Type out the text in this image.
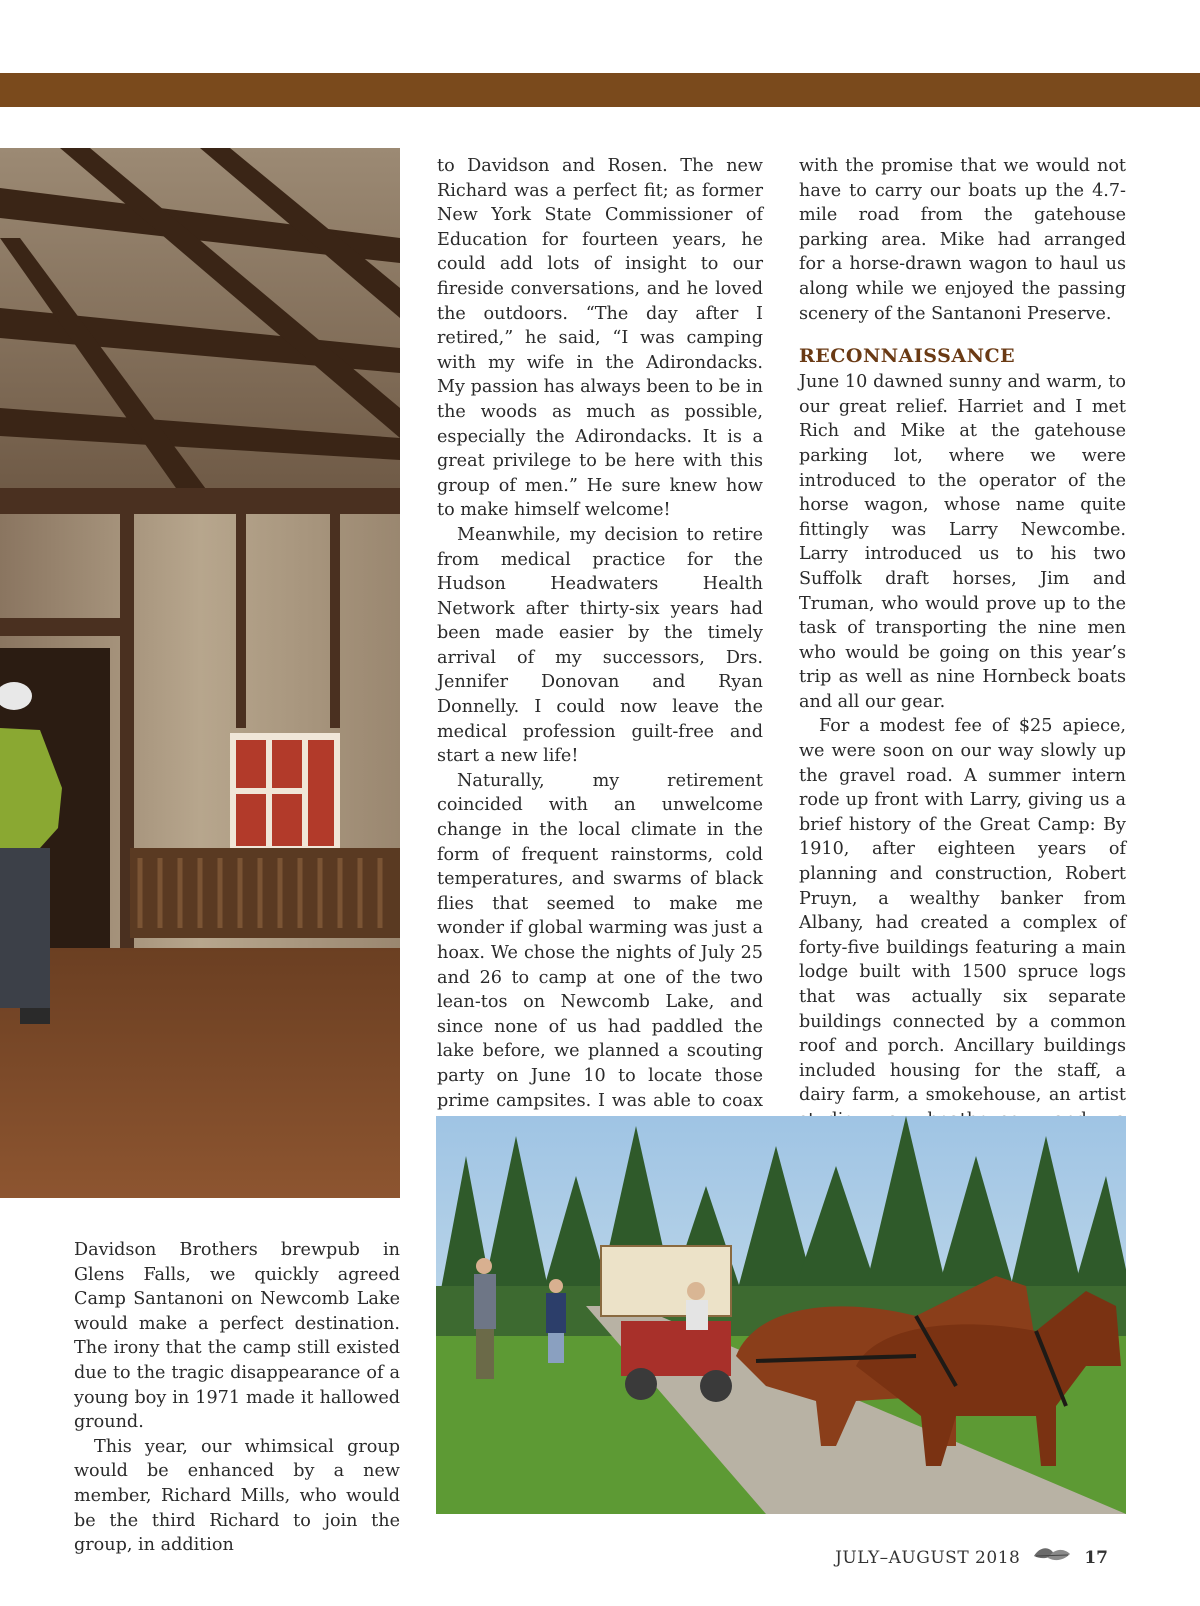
to Davidson and Rosen. The new Richard was a perfect fit; as former New York State Commissioner of Education for fourteen years, he could add lots of insight to our fireside conversations, and he loved the outdoors. “The day after I retired,” he said, “I was camping with my wife in the Adirondacks. My passion has always been to be in the woods as much as possible, especially the Adirondacks. It is a great privilege to be here with this group of men.” He sure knew how to make himself welcome!

Meanwhile, my decision to retire from medical practice for the Hudson Headwaters Health Network after thirty-six years had been made easier by the timely arrival of my successors, Drs. Jennifer Donovan and Ryan Donnelly. I could now leave the medical profession guilt-free and start a new life!

Naturally, my retirement coincided with an unwelcome change in the local climate in the form of frequent rainstorms, cold temperatures, and swarms of black flies that seemed to make me wonder if global warming was just a hoax. We chose the nights of July 25 and 26 to camp at one of the two lean-tos on Newcomb Lake, and since none of us had paddled the lake before, we planned a scouting party on June 10 to locate those prime campsites. I was able to coax

with the promise that we would not have to carry our boats up the 4.7-mile road from the gatehouse parking area. Mike had arranged for a horse-drawn wagon to haul us along while we enjoyed the passing scenery of the Santanoni Preserve.

RECONNAISSANCE

June 10 dawned sunny and warm, to our great relief. Harriet and I met Rich and Mike at the gatehouse parking lot, where we were introduced to the operator of the horse wagon, whose name quite fittingly was Larry Newcombe. Larry introduced us to his two Suffolk draft horses, Jim and Truman, who would prove up to the task of transporting the nine men who would be going on this year’s trip as well as nine Hornbeck boats and all our gear.

For a modest fee of $25 apiece, we were soon on our way slowly up the gravel road. A summer intern rode up front with Larry, giving us a brief history of the Great Camp: By 1910, after eighteen years of planning and construction, Robert Pruyn, a wealthy banker from Albany, had created a complex of forty-five buildings featuring a main lodge built with 1500 spruce logs that was actually six separate buildings connected by a common roof and porch. Ancillary buildings included housing for the staff, a dairy farm, a smokehouse, an artist

Davidson Brothers brewpub in Glens Falls, we quickly agreed Camp Santanoni on Newcomb Lake would make a perfect destination. The irony that the camp still existed due to the tragic disappearance of a young boy in 1971 made it hallowed ground.

This year, our whimsical group would be enhanced by a new member, Richard Mills, who would be the third Richard to join the group, in addition

JULY–AUGUST 2018	17
